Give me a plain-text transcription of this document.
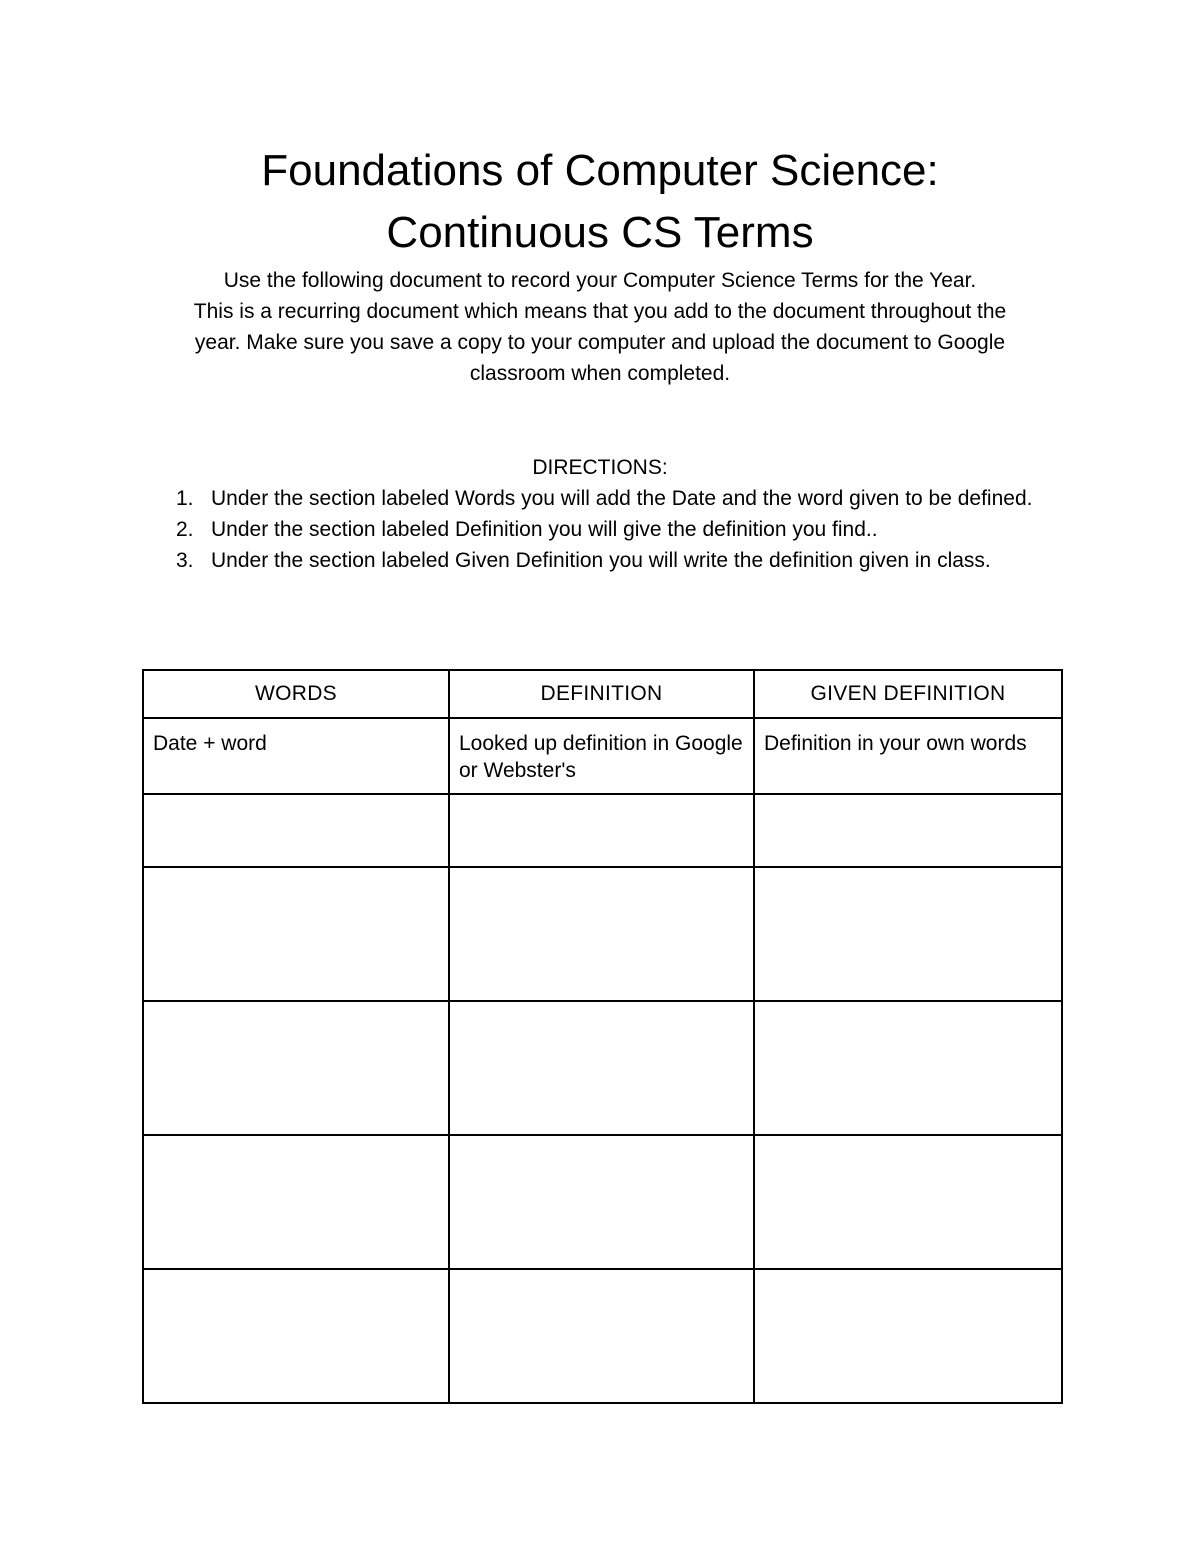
Foundations of Computer Science:
Continuous CS Terms

Use the following document to record your Computer Science Terms for the Year.
This is a recurring document which means that you add to the document throughout the
year. Make sure you save a copy to your computer and upload the document to Google
classroom when completed.

DIRECTIONS:

1. Under the section labeled Words you will add the Date and the word given to be defined.
2. Under the section labeled Definition you will give the definition you find..
3. Under the section labeled Given Definition you will write the definition given in class.
WORDS	DEFINITION	GIVEN DEFINITION

Date + word	Looked up definition in Google or Webster's	Definition in your own words
